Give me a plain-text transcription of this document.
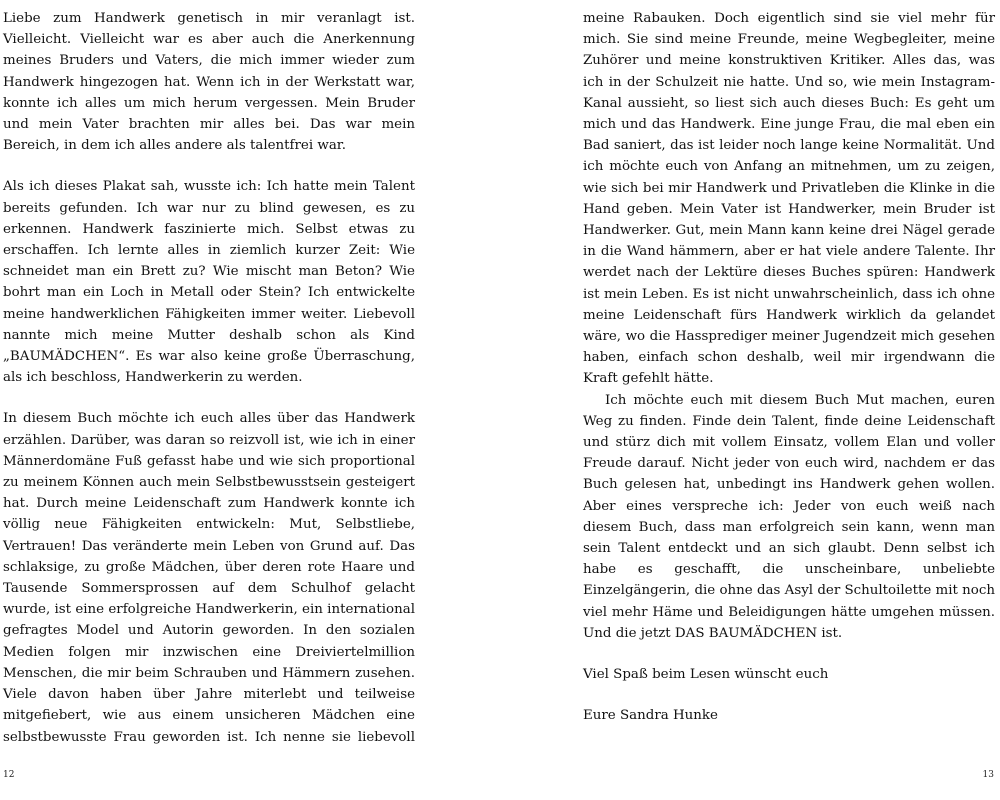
Liebe zum Handwerk genetisch in mir veranlagt ist. Vielleicht. Vielleicht war es aber auch die Anerkennung meines Bruders und Vaters, die mich immer wieder zum Handwerk hingezogen hat. Wenn ich in der Werkstatt war, konnte ich alles um mich herum vergessen. Mein Bruder und mein Vater brachten mir alles bei. Das war mein Bereich, in dem ich alles andere als talentfrei war.

Als ich dieses Plakat sah, wusste ich: Ich hatte mein Talent bereits gefunden. Ich war nur zu blind gewesen, es zu erkennen. Handwerk faszinierte mich. Selbst etwas zu erschaffen. Ich lernte alles in ziemlich kurzer Zeit: Wie schneidet man ein Brett zu? Wie mischt man Beton? Wie bohrt man ein Loch in Metall oder Stein? Ich entwickelte meine handwerklichen Fähigkeiten immer weiter. Liebevoll nannte mich meine Mutter deshalb schon als Kind „BAUMÄDCHEN“. Es war also keine große Überraschung, als ich beschloss, Handwerkerin zu werden.

In diesem Buch möchte ich euch alles über das Handwerk erzählen. Darüber, was daran so reizvoll ist, wie ich in einer Männerdomäne Fuß gefasst habe und wie sich proportional zu meinem Können auch mein Selbstbewusstsein gesteigert hat. Durch meine Leidenschaft zum Handwerk konnte ich völlig neue Fähigkeiten entwickeln: Mut, Selbstliebe, Vertrauen! Das veränderte mein Leben von Grund auf. Das schlaksige, zu große Mädchen, über deren rote Haare und Tausende Sommersprossen auf dem Schulhof gelacht wurde, ist eine erfolgreiche Handwerkerin, ein international gefragtes Model und Autorin geworden. In den sozialen Medien folgen mir inzwischen eine Dreiviertelmillion Menschen, die mir beim Schrauben und Hämmern zusehen. Viele davon haben über Jahre miterlebt und teilweise mitgefiebert, wie aus einem unsicheren Mädchen eine selbstbewusste Frau geworden ist. Ich nenne sie liebevoll

meine Rabauken. Doch eigentlich sind sie viel mehr für mich. Sie sind meine Freunde, meine Wegbegleiter, meine Zuhörer und meine konstruktiven Kritiker. Alles das, was ich in der Schulzeit nie hatte. Und so, wie mein Instagram-Kanal aussieht, so liest sich auch dieses Buch: Es geht um mich und das Handwerk. Eine junge Frau, die mal eben ein Bad saniert, das ist leider noch lange keine Normalität. Und ich möchte euch von Anfang an mitnehmen, um zu zeigen, wie sich bei mir Handwerk und Privatleben die Klinke in die Hand geben. Mein Vater ist Handwerker, mein Bruder ist Handwerker. Gut, mein Mann kann keine drei Nägel gerade in die Wand hämmern, aber er hat viele andere Talente. Ihr werdet nach der Lektüre dieses Buches spüren: Handwerk ist mein Leben. Es ist nicht unwahrscheinlich, dass ich ohne meine Leidenschaft fürs Handwerk wirklich da gelandet wäre, wo die Hassprediger meiner Jugendzeit mich gesehen haben, einfach schon deshalb, weil mir irgendwann die Kraft gefehlt hätte.

Ich möchte euch mit diesem Buch Mut machen, euren Weg zu finden. Finde dein Talent, finde deine Leidenschaft und stürz dich mit vollem Einsatz, vollem Elan und voller Freude darauf. Nicht jeder von euch wird, nachdem er das Buch gelesen hat, unbedingt ins Handwerk gehen wollen. Aber eines verspreche ich: Jeder von euch weiß nach diesem Buch, dass man erfolgreich sein kann, wenn man sein Talent entdeckt und an sich glaubt. Denn selbst ich habe es geschafft, die unscheinbare, unbeliebte Einzelgängerin, die ohne das Asyl der Schultoilette mit noch viel mehr Häme und Beleidigungen hätte umgehen müssen. Und die jetzt DAS BAUMÄDCHEN ist.

Viel Spaß beim Lesen wünscht euch

Eure Sandra Hunke

12	13
